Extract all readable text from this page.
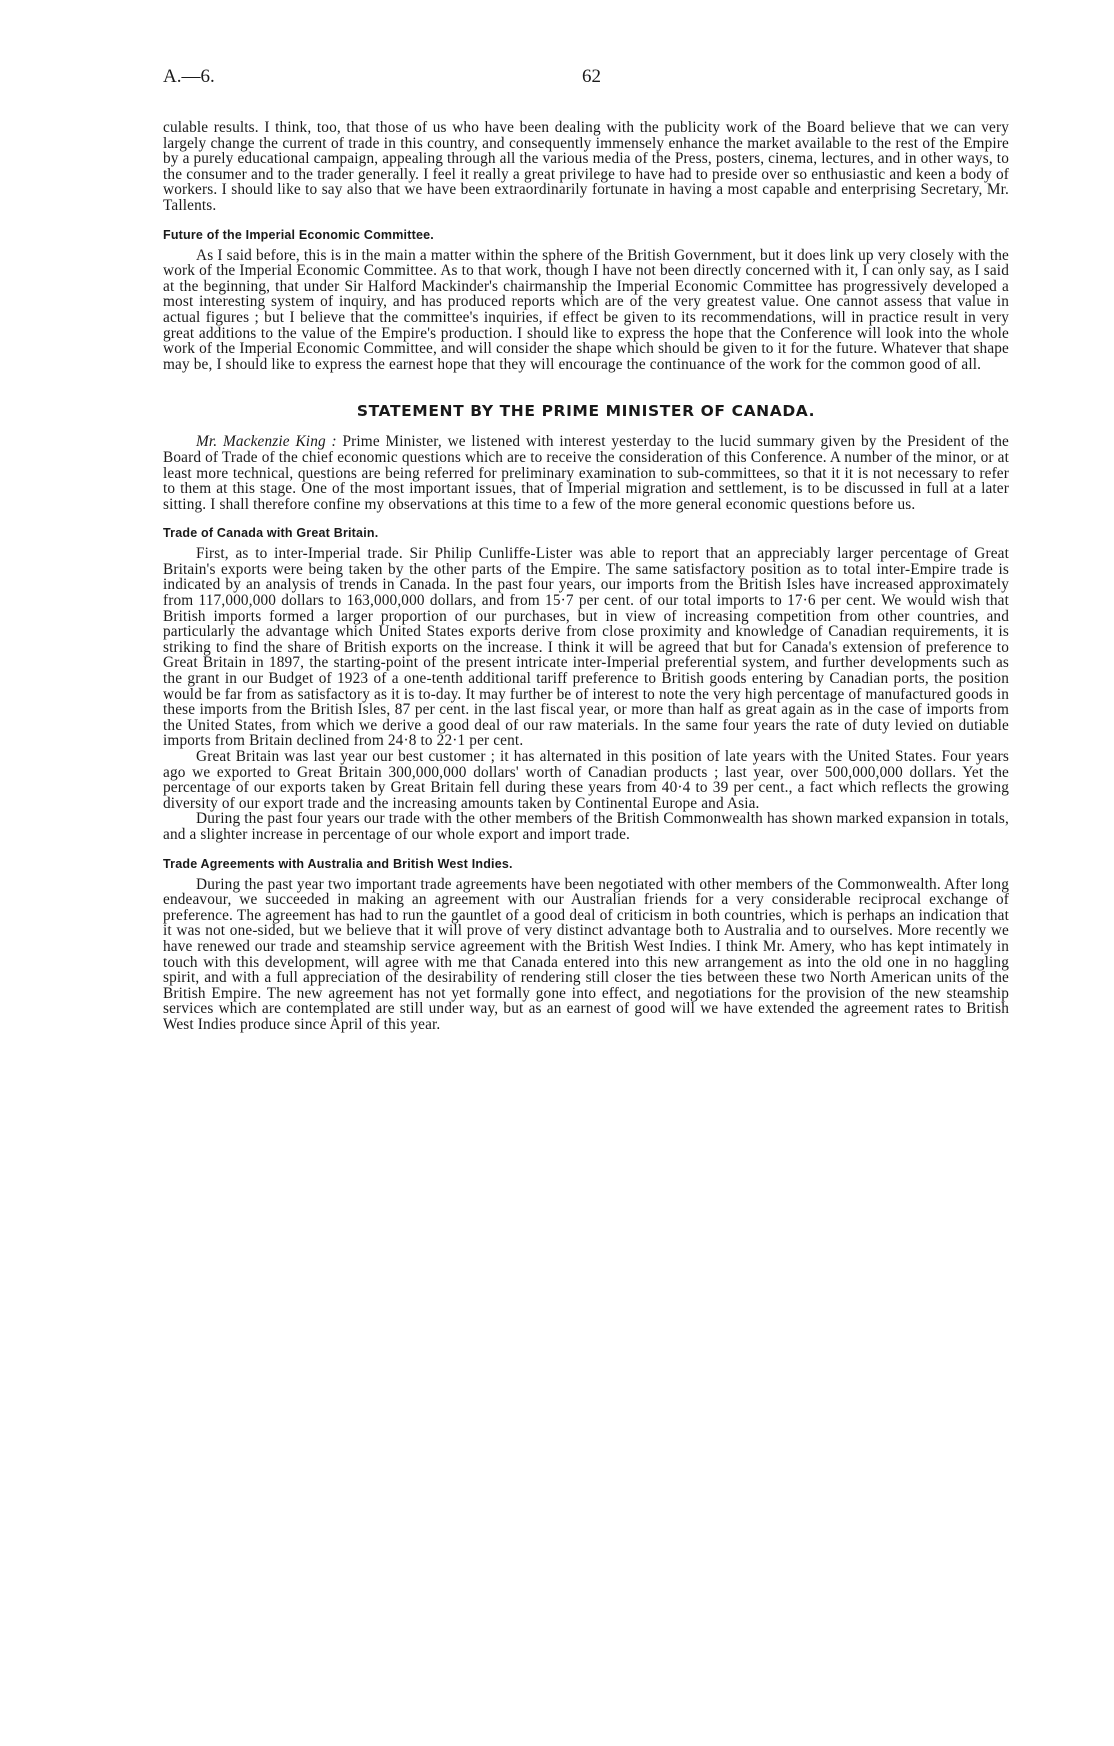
A.—6.	62

culable results. I think, too, that those of us who have been dealing with the publicity work of the Board believe that we can very largely change the current of trade in this country, and consequently immensely enhance the market available to the rest of the Empire by a purely educational campaign, appealing through all the various media of the Press, posters, cinema, lectures, and in other ways, to the consumer and to the trader generally. I feel it really a great privilege to have had to preside over so enthusiastic and keen a body of workers. I should like to say also that we have been extraordinarily fortunate in having a most capable and enterprising Secretary, Mr. Tallents.

Future of the Imperial Economic Committee.

As I said before, this is in the main a matter within the sphere of the British Government, but it does link up very closely with the work of the Imperial Economic Committee. As to that work, though I have not been directly concerned with it, I can only say, as I said at the beginning, that under Sir Halford Mackinder's chairmanship the Imperial Economic Committee has progressively developed a most interesting system of inquiry, and has produced reports which are of the very greatest value. One cannot assess that value in actual figures ; but I believe that the committee's inquiries, if effect be given to its recommendations, will in practice result in very great additions to the value of the Empire's production. I should like to express the hope that the Conference will look into the whole work of the Imperial Economic Committee, and will consider the shape which should be given to it for the future. Whatever that shape may be, I should like to express the earnest hope that they will encourage the continuance of the work for the common good of all.

STATEMENT BY THE PRIME MINISTER OF CANADA.

Mr. Mackenzie King : Prime Minister, we listened with interest yesterday to the lucid summary given by the President of the Board of Trade of the chief economic questions which are to receive the consideration of this Conference. A number of the minor, or at least more technical, questions are being referred for preliminary examination to sub-committees, so that it it is not necessary to refer to them at this stage. One of the most important issues, that of Imperial migration and settlement, is to be discussed in full at a later sitting. I shall therefore confine my observations at this time to a few of the more general economic questions before us.

Trade of Canada with Great Britain.

First, as to inter-Imperial trade. Sir Philip Cunliffe-Lister was able to report that an appreciably larger percentage of Great Britain's exports were being taken by the other parts of the Empire. The same satisfactory position as to total inter-Empire trade is indicated by an analysis of trends in Canada. In the past four years, our imports from the British Isles have increased approximately from 117,000,000 dollars to 163,000,000 dollars, and from 15·7 per cent. of our total imports to 17·6 per cent. We would wish that British imports formed a larger proportion of our purchases, but in view of increasing competition from other countries, and particularly the advantage which United States exports derive from close proximity and knowledge of Canadian requirements, it is striking to find the share of British exports on the increase. I think it will be agreed that but for Canada's extension of preference to Great Britain in 1897, the starting-point of the present intricate inter-Imperial preferential system, and further developments such as the grant in our Budget of 1923 of a one-tenth additional tariff preference to British goods entering by Canadian ports, the position would be far from as satisfactory as it is to-day. It may further be of interest to note the very high percentage of manufactured goods in these imports from the British Isles, 87 per cent. in the last fiscal year, or more than half as great again as in the case of imports from the United States, from which we derive a good deal of our raw materials. In the same four years the rate of duty levied on dutiable imports from Britain declined from 24·8 to 22·1 per cent.

Great Britain was last year our best customer ; it has alternated in this position of late years with the United States. Four years ago we exported to Great Britain 300,000,000 dollars' worth of Canadian products ; last year, over 500,000,000 dollars. Yet the percentage of our exports taken by Great Britain fell during these years from 40·4 to 39 per cent., a fact which reflects the growing diversity of our export trade and the increasing amounts taken by Continental Europe and Asia.

During the past four years our trade with the other members of the British Commonwealth has shown marked expansion in totals, and a slighter increase in percentage of our whole export and import trade.

Trade Agreements with Australia and British West Indies.

During the past year two important trade agreements have been negotiated with other members of the Commonwealth. After long endeavour, we succeeded in making an agreement with our Australian friends for a very considerable reciprocal exchange of preference. The agreement has had to run the gauntlet of a good deal of criticism in both countries, which is perhaps an indication that it was not one-sided, but we believe that it will prove of very distinct advantage both to Australia and to ourselves. More recently we have renewed our trade and steamship service agreement with the British West Indies. I think Mr. Amery, who has kept intimately in touch with this development, will agree with me that Canada entered into this new arrangement as into the old one in no haggling spirit, and with a full appreciation of the desirability of rendering still closer the ties between these two North American units of the British Empire. The new agreement has not yet formally gone into effect, and negotiations for the provision of the new steamship services which are contemplated are still under way, but as an earnest of good will we have extended the agreement rates to British West Indies produce since April of this year.
